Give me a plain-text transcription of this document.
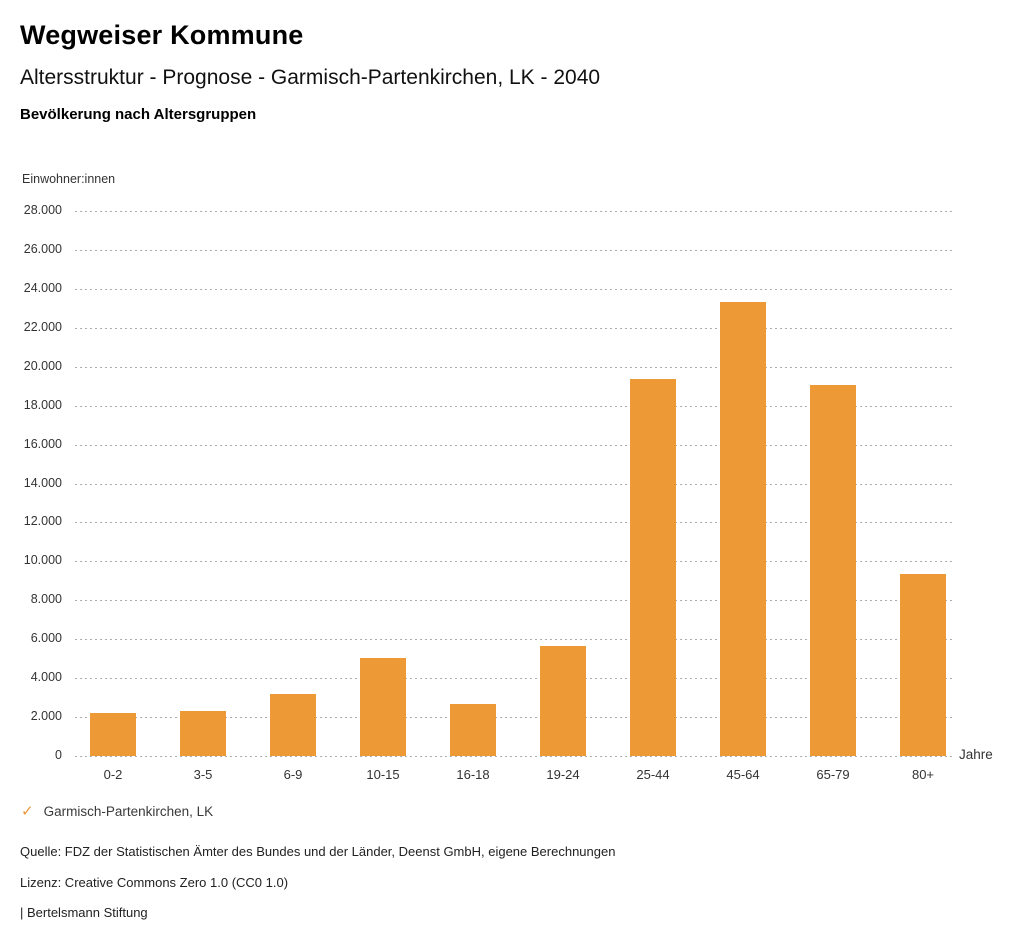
Wegweiser Kommune
Altersstruktur - Prognose - Garmisch-Partenkirchen, LK - 2040
Bevölkerung nach Altersgruppen
Einwohner:innen
0
2.000
4.000
6.000
8.000
10.000
12.000
14.000
16.000
18.000
20.000
22.000
24.000
26.000
28.000
0-2	3-5	6-9	10-15	16-18	19-24	25-44	45-64	65-79	80+
Jahre
✓ Garmisch-Partenkirchen, LK
Quelle: FDZ der Statistischen Ämter des Bundes und der Länder, Deenst GmbH, eigene Berechnungen
Lizenz: Creative Commons Zero 1.0 (CC0 1.0)
| Bertelsmann Stiftung
